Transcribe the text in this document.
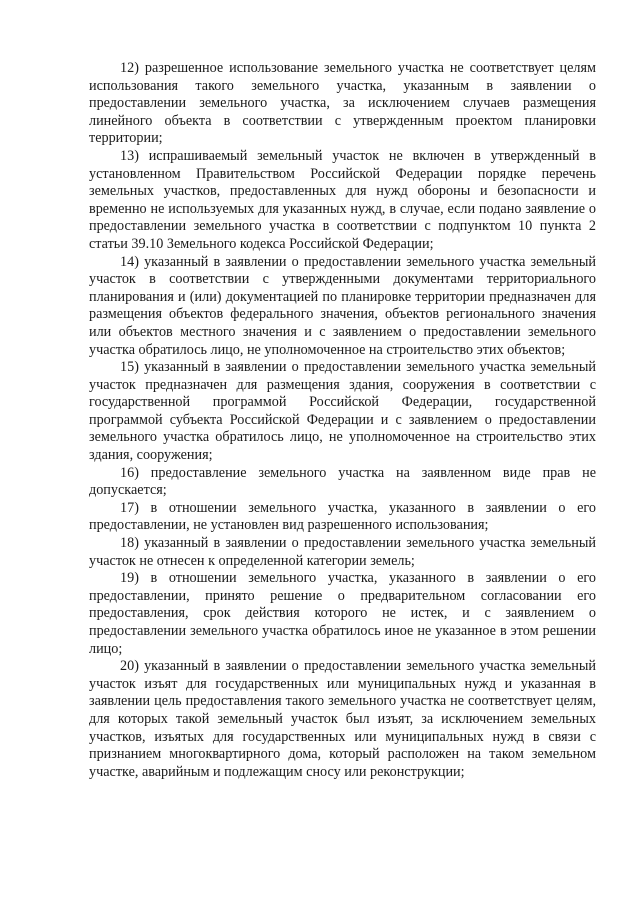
12) разрешенное использование земельного участка не соответствует целям использования такого земельного участка, указанным в заявлении о предоставлении земельного участка, за исключением случаев размещения линейного объекта в соответствии с утвержденным проектом планировки территории;

13) испрашиваемый земельный участок не включен в утвержденный в установленном Правительством Российской Федерации порядке перечень земельных участков, предоставленных для нужд обороны и безопасности и временно не используемых для указанных нужд, в случае, если подано заявление о предоставлении земельного участка в соответствии с подпунктом 10 пункта 2 статьи 39.10 Земельного кодекса Российской Федерации;

14) указанный в заявлении о предоставлении земельного участка земельный участок в соответствии с утвержденными документами территориального планирования и (или) документацией по планировке территории предназначен для размещения объектов федерального значения, объектов регионального значения или объектов местного значения и с заявлением о предоставлении земельного участка обратилось лицо, не уполномоченное на строительство этих объектов;

15) указанный в заявлении о предоставлении земельного участка земельный участок предназначен для размещения здания, сооружения в соответствии с государственной программой Российской Федерации, государственной программой субъекта Российской Федерации и с заявлением о предоставлении земельного участка обратилось лицо, не уполномоченное на строительство этих здания, сооружения;

16) предоставление земельного участка на заявленном виде прав не допускается;

17) в отношении земельного участка, указанного в заявлении о его предоставлении, не установлен вид разрешенного использования;

18) указанный в заявлении о предоставлении земельного участка земельный участок не отнесен к определенной категории земель;

19) в отношении земельного участка, указанного в заявлении о его предоставлении, принято решение о предварительном согласовании его предоставления, срок действия которого не истек, и с заявлением о предоставлении земельного участка обратилось иное не указанное в этом решении лицо;

20) указанный в заявлении о предоставлении земельного участка земельный участок изъят для государственных или муниципальных нужд и указанная в заявлении цель предоставления такого земельного участка не соответствует целям, для которых такой земельный участок был изъят, за исключением земельных участков, изъятых для государственных или муниципальных нужд в связи с признанием многоквартирного дома, который расположен на таком земельном участке, аварийным и подлежащим сносу или реконструкции;
